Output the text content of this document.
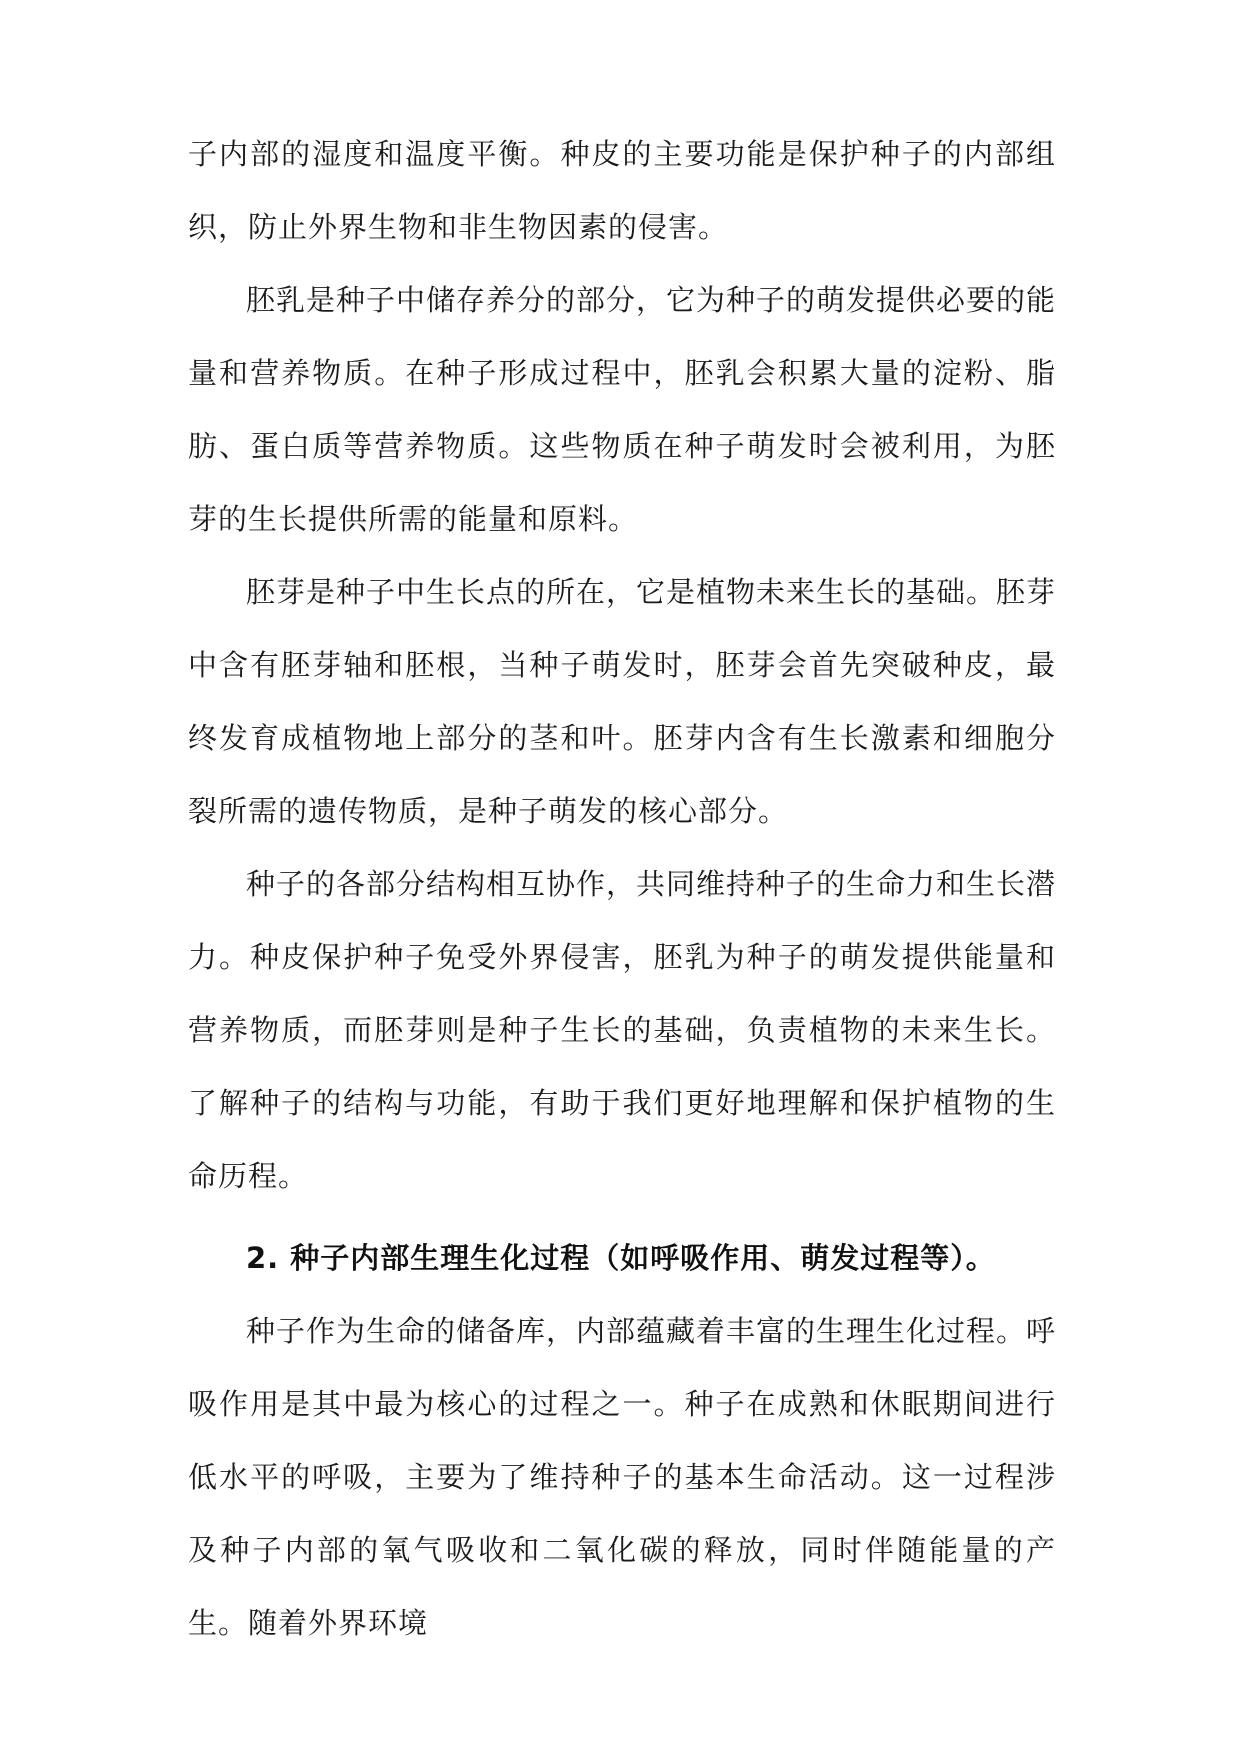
子内部的湿度和温度平衡。种皮的主要功能是保护种子的内部组织，防止外界生物和非生物因素的侵害。

胚乳是种子中储存养分的部分，它为种子的萌发提供必要的能量和营养物质。在种子形成过程中，胚乳会积累大量的淀粉、脂肪、蛋白质等营养物质。这些物质在种子萌发时会被利用，为胚芽的生长提供所需的能量和原料。

胚芽是种子中生长点的所在，它是植物未来生长的基础。胚芽中含有胚芽轴和胚根，当种子萌发时，胚芽会首先突破种皮，最终发育成植物地上部分的茎和叶。胚芽内含有生长激素和细胞分裂所需的遗传物质，是种子萌发的核心部分。

种子的各部分结构相互协作，共同维持种子的生命力和生长潜力。种皮保护种子免受外界侵害，胚乳为种子的萌发提供能量和营养物质，而胚芽则是种子生长的基础，负责植物的未来生长。了解种子的结构与功能，有助于我们更好地理解和保护植物的生命历程。

2. 种子内部生理生化过程（如呼吸作用、萌发过程等）。

种子作为生命的储备库，内部蕴藏着丰富的生理生化过程。呼吸作用是其中最为核心的过程之一。种子在成熟和休眠期间进行低水平的呼吸，主要为了维持种子的基本生命活动。这一过程涉及种子内部的氧气吸收和二氧化碳的释放，同时伴随能量的产生。随着外界环境
